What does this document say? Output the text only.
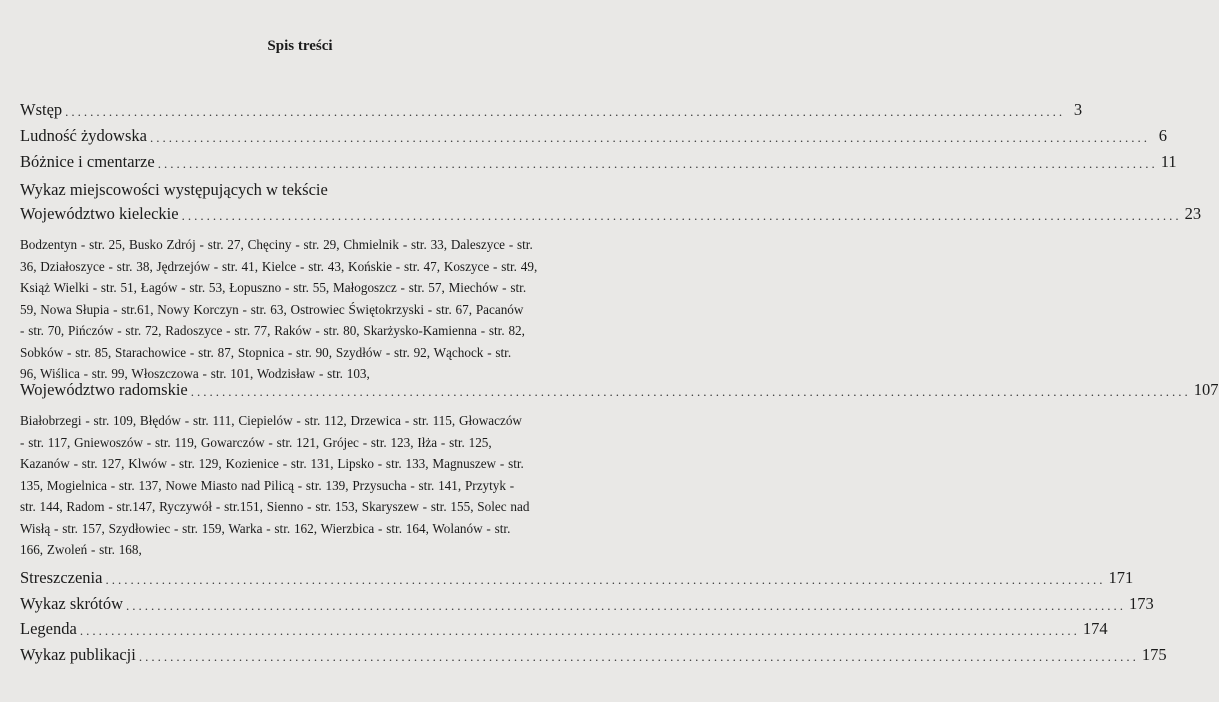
Spis treści
Wstęp ................................................................................................................................................................ 3
Ludność żydowska ................................................................................................................................................................ 6
Bóżnice i cmentarze ................................................................................................................................................................ 11
Wykaz miejscowości występujących w tekście
Województwo kieleckie ................................................................................................................................................................ 23
Bodzentyn - str. 25, Busko Zdrój - str. 27, Chęciny - str. 29, Chmielnik - str. 33, Daleszyce - str.
36, Działoszyce - str. 38, Jędrzejów - str. 41, Kielce - str. 43, Końskie - str. 47, Koszyce - str. 49,
Książ Wielki - str. 51, Łagów - str. 53, Łopuszno - str. 55, Małogoszcz - str. 57, Miechów - str.
59, Nowa Słupia - str.61, Nowy Korczyn - str. 63, Ostrowiec Świętokrzyski - str. 67, Pacanów
- str. 70, Pińczów - str. 72, Radoszyce - str. 77, Raków - str. 80, Skarżysko-Kamienna - str. 82,
Sobków - str. 85, Starachowice - str. 87, Stopnica - str. 90, Szydłów - str. 92, Wąchock - str.
96, Wiślica - str. 99, Włoszczowa - str. 101, Wodzisław - str. 103,
Województwo radomskie ................................................................................................................................................................ 107
Białobrzegi - str. 109, Błędów - str. 111, Ciepielów - str. 112, Drzewica - str. 115, Głowaczów
- str. 117, Gniewoszów - str. 119, Gowarczów - str. 121, Grójec - str. 123, Iłża - str. 125,
Kazanów - str. 127, Klwów - str. 129, Kozienice - str. 131, Lipsko - str. 133, Magnuszew - str.
135, Mogielnica - str. 137, Nowe Miasto nad Pilicą - str. 139, Przysucha - str. 141, Przytyk -
str. 144, Radom - str.147, Ryczywół - str.151, Sienno - str. 153, Skaryszew - str. 155, Solec nad
Wisłą - str. 157, Szydłowiec - str. 159, Warka - str. 162, Wierzbica - str. 164, Wolanów - str.
166, Zwoleń - str. 168,
Streszczenia ................................................................................................................................................................ 171
Wykaz skrótów ................................................................................................................................................................ 173
Legenda ................................................................................................................................................................ 174
Wykaz publikacji ................................................................................................................................................................ 175
